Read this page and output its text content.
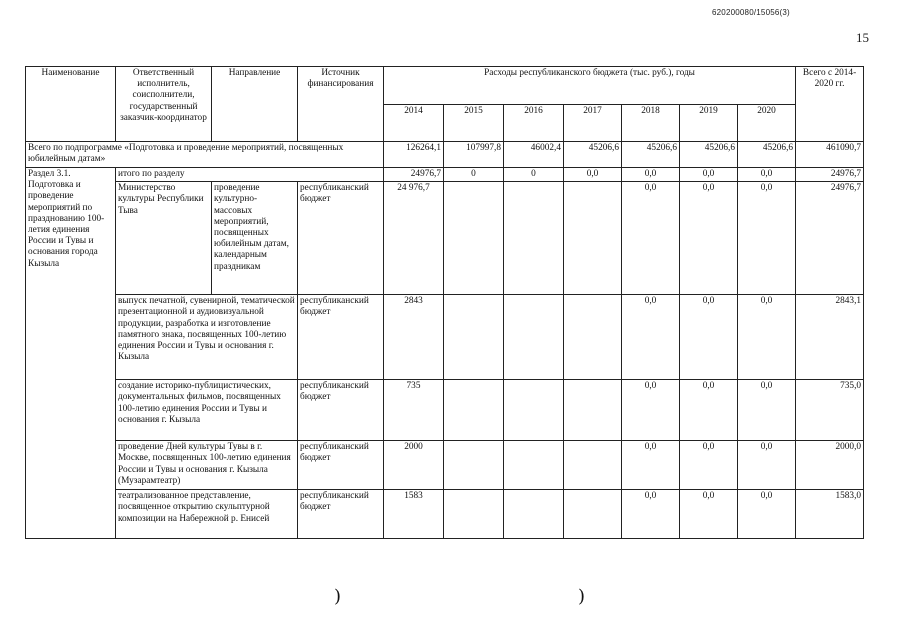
620200080/15056(3)
15
Наименование	Ответственный исполнитель, соисполнители, государственный заказчик-координатор	Направление	Источник финансирования	Расходы республиканского бюджета (тыс. руб.), годы							Всего с 2014-2020 гг.
				2014	2015	2016	2017	2018	2019	2020	
Всего по подпрограмме «Подготовка и проведение мероприятий, посвященных юбилейным датам»				126264,1	107997,8	46002,4	45206,6	45206,6	45206,6	45206,6	461090,7
Раздел 3.1. Подготовка и проведение мероприятий по празднованию 100-летия единения России и Тувы и основания города Кызыла	итого по разделу			24976,7	0	0	0,0	0,0	0,0	0,0	24976,7
	Министерство культуры Республики Тыва	проведение культурно-массовых мероприятий, посвященных юбилейным датам, календарным праздникам	республиканский бюджет	24 976,7				0,0	0,0	0,0	24976,7
	выпуск печатной, сувенирной, тематической презентационной и аудиовизуальной продукции, разработка и изготовление памятного знака, посвященных 100-летию единения России и Тувы и основания г. Кызыла		республиканский бюджет	2843				0,0	0,0	0,0	2843,1
	создание историко-публицистических, документальных фильмов, посвященных 100-летию единения России и Тувы и основания г. Кызыла		республиканский бюджет	735				0,0	0,0	0,0	735,0
	проведение Дней культуры Тувы в г. Москве, посвященных 100-летию единения России и Тувы и основания г. Кызыла (Музарамтеатр)		республиканский бюджет	2000				0,0	0,0	0,0	2000,0
	театрализованное представление, посвященное открытию скульптурной композиции на Набережной р. Енисей		республиканский бюджет	1583				0,0	0,0	0,0	1583,0
)	)
